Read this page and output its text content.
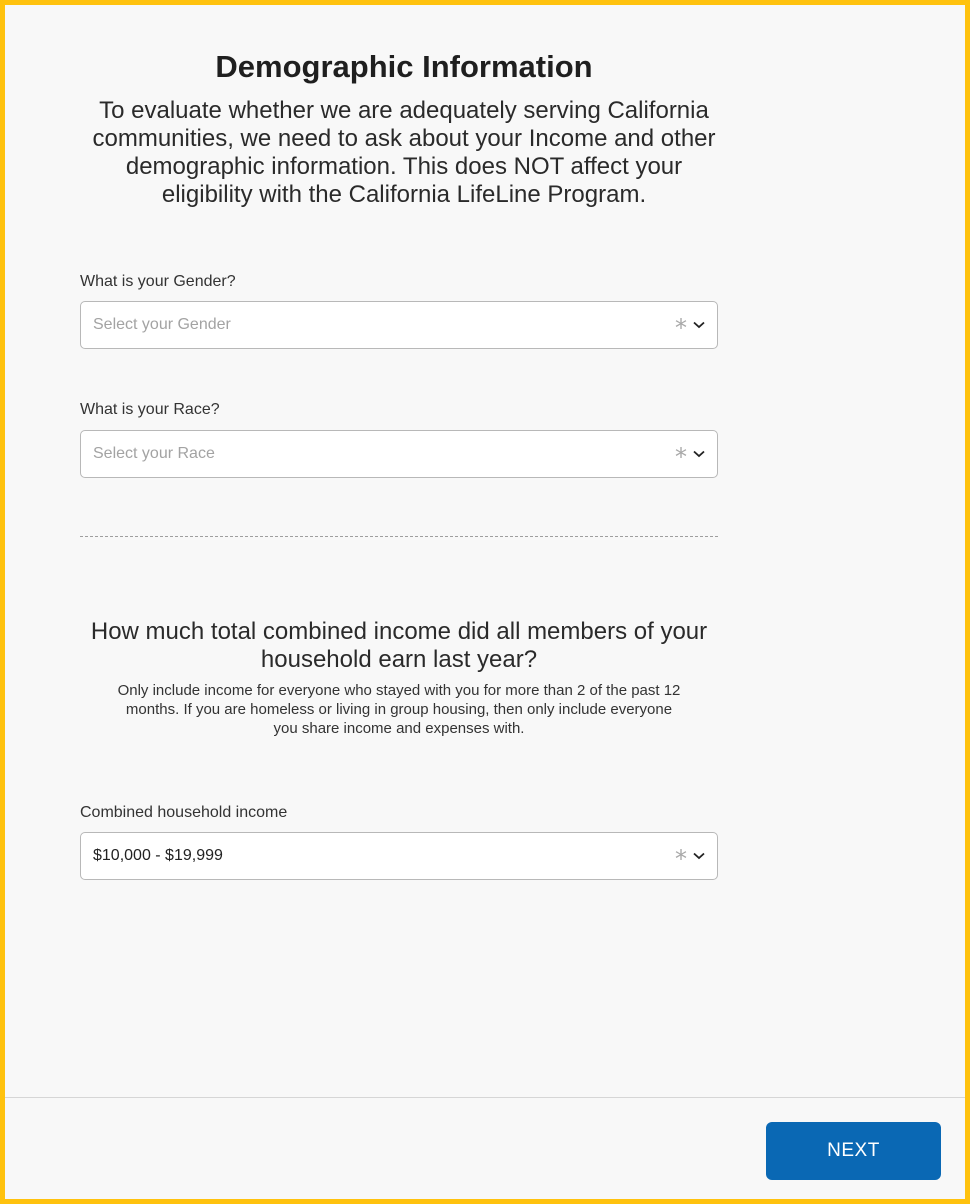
Demographic Information
To evaluate whether we are adequately serving California
communities, we need to ask about your Income and other
demographic information. This does NOT affect your
eligibility with the California LifeLine Program.
What is your Gender?
Select your Gender	*
What is your Race?
Select your Race	*
How much total combined income did all members of your
household earn last year?
Only include income for everyone who stayed with you for more than 2 of the past 12
months. If you are homeless or living in group housing, then only include everyone
you share income and expenses with.
Combined household income
$10,000 - $19,999	*
NEXT
